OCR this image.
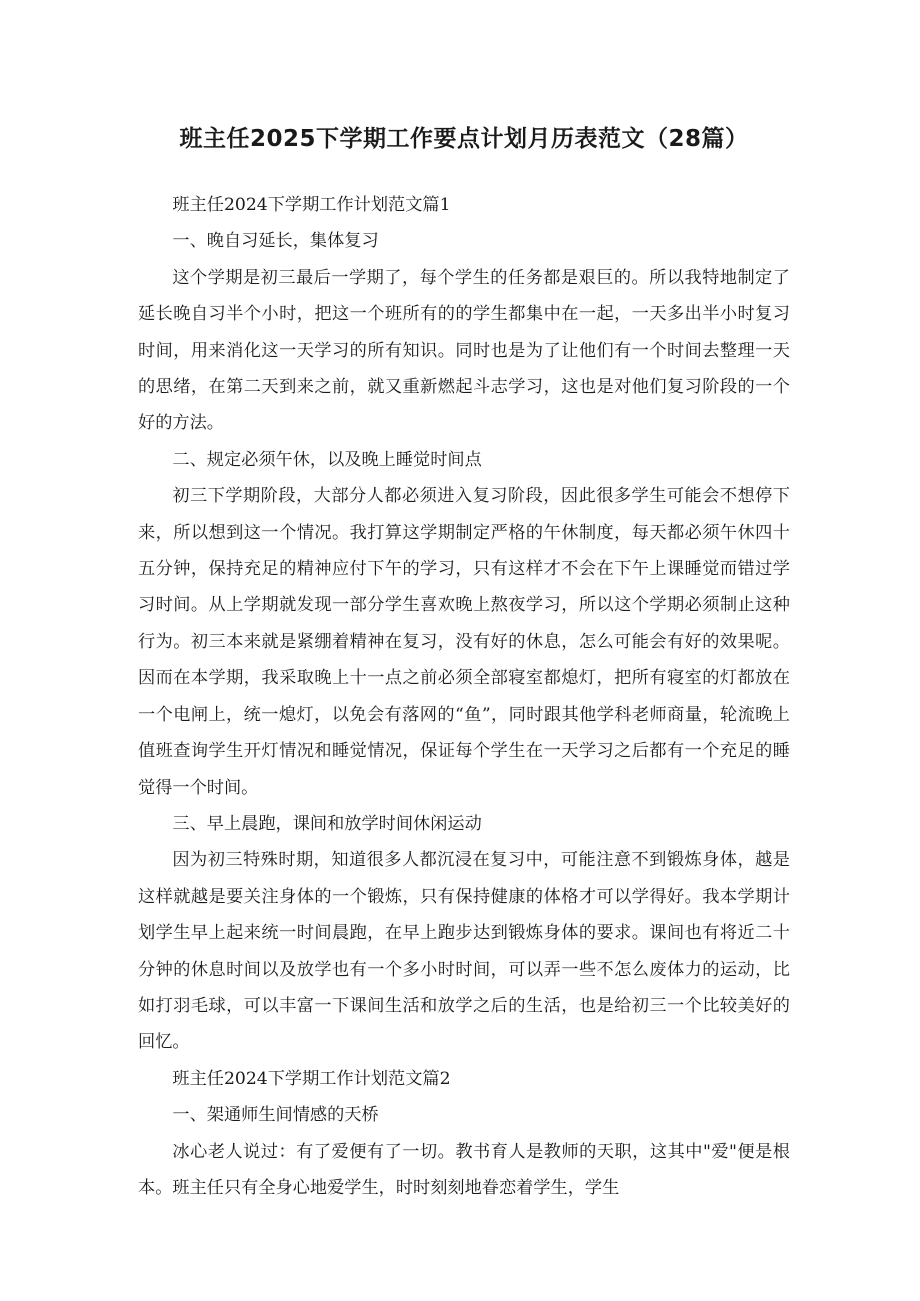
班主任2025下学期工作要点计划月历表范文（28篇）

班主任2024下学期工作计划范文篇1

一、晚自习延长，集体复习

这个学期是初三最后一学期了，每个学生的任务都是艰巨的。所以我特地制定了延长晚自习半个小时，把这一个班所有的的学生都集中在一起，一天多出半小时复习时间，用来消化这一天学习的所有知识。同时也是为了让他们有一个时间去整理一天的思绪，在第二天到来之前，就又重新燃起斗志学习，这也是对他们复习阶段的一个好的方法。

二、规定必须午休，以及晚上睡觉时间点

初三下学期阶段，大部分人都必须进入复习阶段，因此很多学生可能会不想停下来，所以想到这一个情况。我打算这学期制定严格的午休制度，每天都必须午休四十五分钟，保持充足的精神应付下午的学习，只有这样才不会在下午上课睡觉而错过学习时间。从上学期就发现一部分学生喜欢晚上熬夜学习，所以这个学期必须制止这种行为。初三本来就是紧绷着精神在复习，没有好的休息，怎么可能会有好的效果呢。因而在本学期，我采取晚上十一点之前必须全部寝室都熄灯，把所有寝室的灯都放在一个电闸上，统一熄灯，以免会有落网的“鱼”，同时跟其他学科老师商量，轮流晚上值班查询学生开灯情况和睡觉情况，保证每个学生在一天学习之后都有一个充足的睡觉得一个时间。

三、早上晨跑，课间和放学时间休闲运动

因为初三特殊时期，知道很多人都沉浸在复习中，可能注意不到锻炼身体，越是这样就越是要关注身体的一个锻炼，只有保持健康的体格才可以学得好。我本学期计划学生早上起来统一时间晨跑，在早上跑步达到锻炼身体的要求。课间也有将近二十分钟的休息时间以及放学也有一个多小时时间，可以弄一些不怎么废体力的运动，比如打羽毛球，可以丰富一下课间生活和放学之后的生活，也是给初三一个比较美好的回忆。

班主任2024下学期工作计划范文篇2

一、架通师生间情感的天桥

冰心老人说过：有了爱便有了一切。教书育人是教师的天职，这其中"爱"便是根本。班主任只有全身心地爱学生，时时刻刻地眷恋着学生，学生
